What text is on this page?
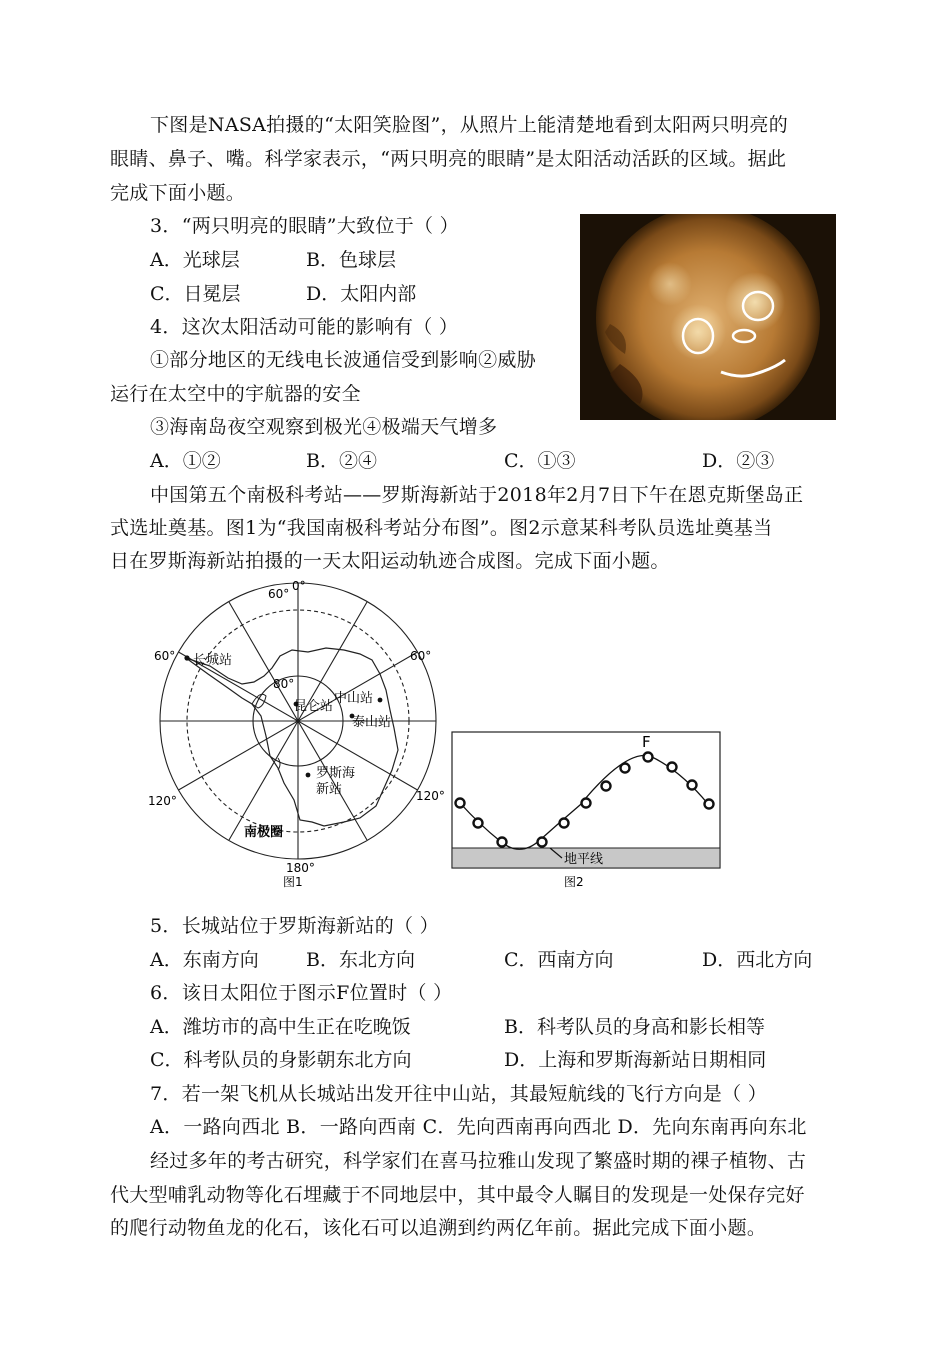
下图是NASA拍摄的“太阳笑脸图”，从照片上能清楚地看到太阳两只明亮的
眼睛、鼻子、嘴。科学家表示，“两只明亮的眼睛”是太阳活动活跃的区域。据此
完成下面小题。
3．“两只明亮的眼睛”大致位于（ ）
A．光球层	B．色球层
C．日冕层	D．太阳内部
4．这次太阳活动可能的影响有（ ）
①部分地区的无线电长波通信受到影响②威胁
运行在太空中的宇航器的安全
③海南岛夜空观察到极光④极端天气增多
A．①②	B．②④	C．①③	D．②③
中国第五个南极科考站——罗斯海新站于2018年2月7日下午在恩克斯堡岛正
式选址奠基。图1为“我国南极科考站分布图”。图2示意某科考队员选址奠基当
日在罗斯海新站拍摄的一天太阳运动轨迹合成图。完成下面小题。
0°
60°
60°	60°
80°
120°	120°
180°
长城站
昆仑站
中山站
泰山站
罗斯海
新站
南极圈
图1
F
地平线
图2
5．长城站位于罗斯海新站的（ ）
A．东南方向 B．东北方向	C．西南方向	D．西北方向
6．该日太阳位于图示F位置时（ ）
A．潍坊市的高中生正在吃晚饭	B．科考队员的身高和影长相等
C．科考队员的身影朝东北方向	D．上海和罗斯海新站日期相同
7．若一架飞机从长城站出发开往中山站，其最短航线的飞行方向是（ ）
A．一路向西北 B．一路向西南 C．先向西南再向西北 D．先向东南再向东北
经过多年的考古研究，科学家们在喜马拉雅山发现了繁盛时期的裸子植物、古
代大型哺乳动物等化石埋藏于不同地层中，其中最令人瞩目的发现是一处保存完好
的爬行动物鱼龙的化石，该化石可以追溯到约两亿年前。据此完成下面小题。
